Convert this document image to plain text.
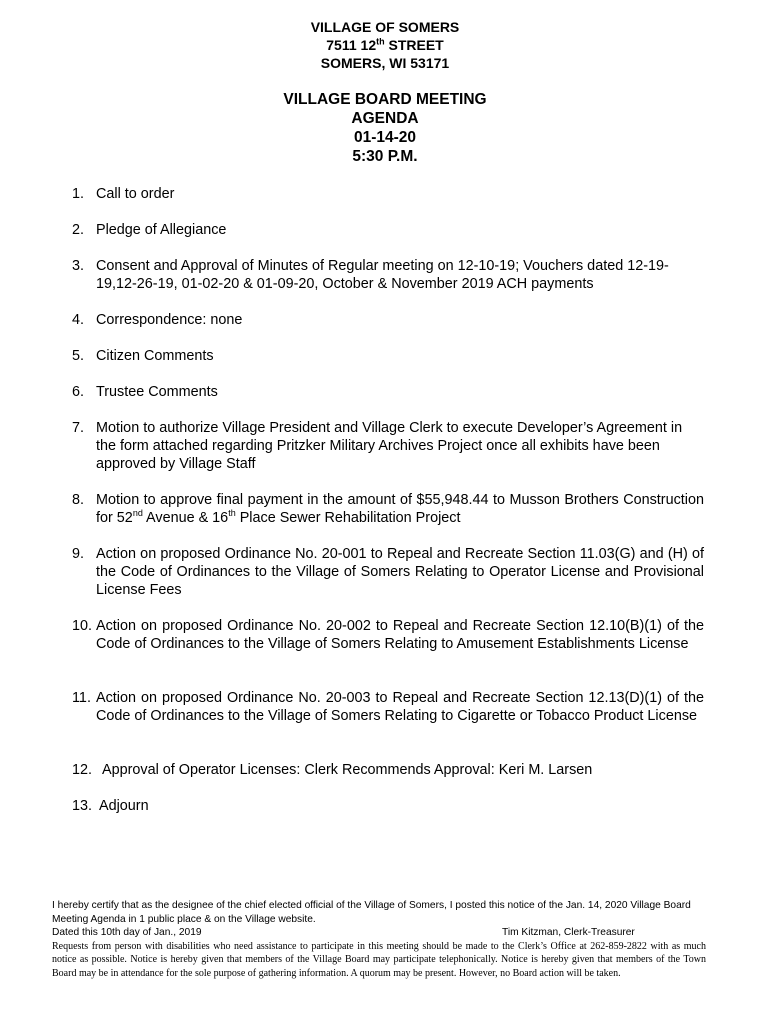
VILLAGE OF SOMERS
7511 12th STREET
SOMERS, WI 53171
VILLAGE BOARD MEETING
AGENDA
01-14-20
5:30 P.M.
1. Call to order
2. Pledge of Allegiance
3. Consent and Approval of Minutes of Regular meeting on 12-10-19; Vouchers dated 12-19-19,12-26-19, 01-02-20 & 01-09-20, October & November 2019 ACH payments
4. Correspondence: none
5. Citizen Comments
6. Trustee Comments
7. Motion to authorize Village President and Village Clerk to execute Developer’s Agreement in the form attached regarding Pritzker Military Archives Project once all exhibits have been approved by Village Staff
8. Motion to approve final payment in the amount of $55,948.44 to Musson Brothers Construction for 52nd Avenue & 16th Place Sewer Rehabilitation Project
9. Action on proposed Ordinance No. 20-001 to Repeal and Recreate Section 11.03(G) and (H) of the Code of Ordinances to the Village of Somers Relating to Operator License and Provisional License Fees
10. Action on proposed Ordinance No. 20-002 to Repeal and Recreate Section 12.10(B)(1) of the Code of Ordinances to the Village of Somers Relating to Amusement Establishments License
11. Action on proposed Ordinance No. 20-003 to Repeal and Recreate Section 12.13(D)(1) of the Code of Ordinances to the Village of Somers Relating to Cigarette or Tobacco Product License
12. Approval of Operator Licenses: Clerk Recommends Approval: Keri M. Larsen
13. Adjourn
I hereby certify that as the designee of the chief elected official of the Village of Somers, I posted this notice of the Jan. 14, 2020 Village Board Meeting Agenda in 1 public place & on the Village website.
Dated this 10th day of Jan., 2019	Tim Kitzman, Clerk-Treasurer
Requests from person with disabilities who need assistance to participate in this meeting should be made to the Clerk’s Office at 262-859-2822 with as much notice as possible. Notice is hereby given that members of the Village Board may participate telephonically. Notice is hereby given that members of the Town Board may be in attendance for the sole purpose of gathering information. A quorum may be present. However, no Board action will be taken.
